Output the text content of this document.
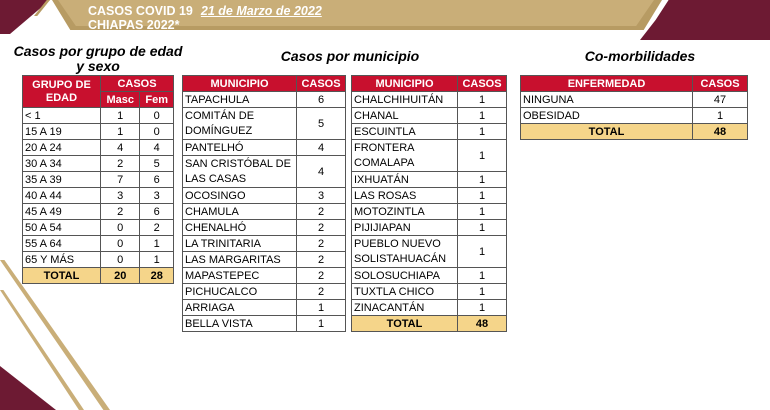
CASOS COVID 19 21 de Marzo de 2022
CHIAPAS 2022*
Casos por grupo de edad y sexo
Casos por municipio	Co-morbilidades
GRUPO DE EDAD	CASOS	
	Masc	Fem
< 1	1	0
15 A 19	1	0
20 A 24	4	4
30 A 34	2	5
35 A 39	7	6
40 A 44	3	3
45 A 49	2	6
50 A 54	0	2
55 A 64	0	1
65 Y MÁS	0	1
TOTAL	20	28
MUNICIPIO	CASOS
TAPACHULA	6
COMITÁN DE DOMÍNGUEZ	5
PANTELHÓ	4
SAN CRISTÓBAL DE LAS CASAS	4
OCOSINGO	3
CHAMULA	2
CHENALHÓ	2
LA TRINITARIA	2
LAS MARGARITAS	2
MAPASTEPEC	2
PICHUCALCO	2
ARRIAGA	1
BELLA VISTA	1
MUNICIPIO	CASOS
CHALCHIHUITÁN	1
CHANAL	1
ESCUINTLA	1
FRONTERA COMALAPA	1
IXHUATÁN	1
LAS ROSAS	1
MOTOZINTLA	1
PIJIJIAPAN	1
PUEBLO NUEVO SOLISTAHUACÁN	1
SOLOSUCHIAPA	1
TUXTLA CHICO	1
ZINACANTÁN	1
TOTAL	48
ENFERMEDAD	CASOS
NINGUNA	47
OBESIDAD	1
TOTAL	48
